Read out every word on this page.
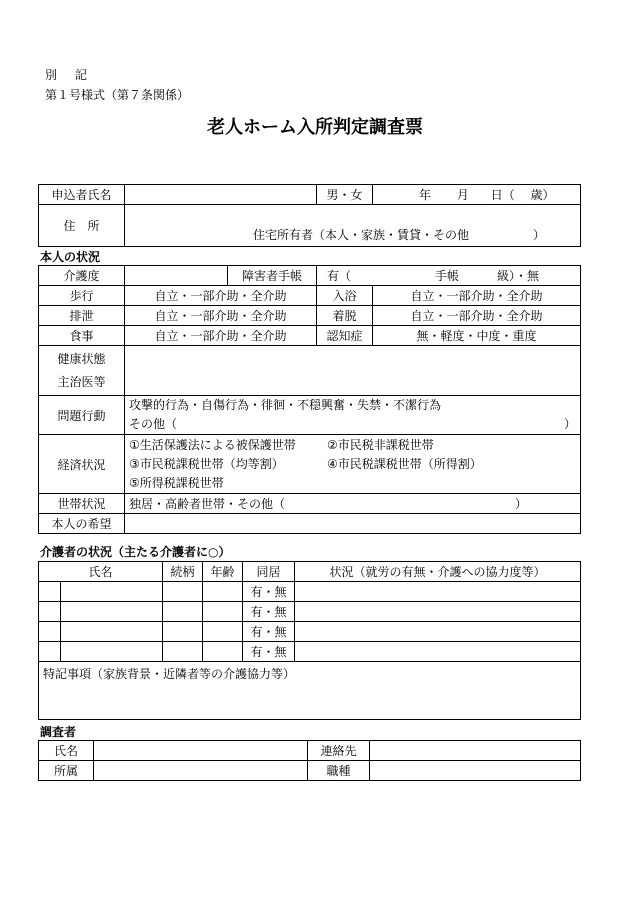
別　記
第１号様式（第７条関係）
老人ホーム入所判定調査票
申込者氏名		男・女	年 月 日（ 歳）
住　所	住宅所有者（本人・家族・賃貸・その他 ）		
本人の状況
介護度		障害者手帳	有（ 手帳 級）・無	
歩行	自立・一部介助・全介助		入浴	自立・一部介助・全介助
排泄	自立・一部介助・全介助		着脱	自立・一部介助・全介助
食事	自立・一部介助・全介助		認知症	無・軽度・中度・重度

健康状態
主治医等				

問題行動	攻撃的行為・自傷行為・徘徊・不穏興奮・失禁・不潔行為
その他（ ）			

経済状況	①生活保護法による被保護世帯 ②市民税非課税世帯
③市民税課税世帯（均等割） ④市民税課税世帯（所得割）
⑤所得税課税世帯			

世帯状況	独居・高齢者世帯・その他（ ）			
本人の希望				
介護者の状況（主たる介護者に○）
氏名		続柄	年齢	同居	状況（就労の有無・介護への協力度等）
				有・無	
				有・無	
				有・無	
				有・無	
特記事項（家族背景・近隣者等の介護協力等）					
調査者
氏名		連絡先	
所属		職種	
